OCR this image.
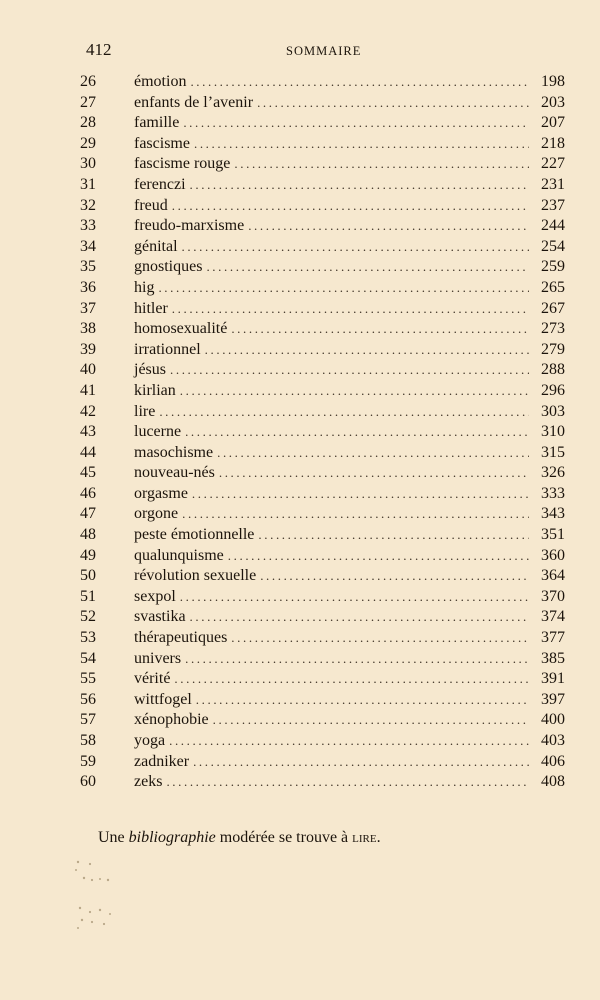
412	SOMMAIRE
26	émotion .....	198
27	enfants de l’avenir .....	203
28	famille .....	207
29	fascisme .....	218
30	fascisme rouge .....	227
31	ferenczi .....	231
32	freud .....	237
33	freudo-marxisme .....	244
34	génital .....	254
35	gnostiques .....	259
36	hig .....	265
37	hitler .....	267
38	homosexualité .....	273
39	irrationnel .....	279
40	jésus .....	288
41	kirlian .....	296
42	lire .....	303
43	lucerne .....	310
44	masochisme .....	315
45	nouveau-nés .....	326
46	orgasme .....	333
47	orgone .....	343
48	peste émotionnelle .....	351
49	qualunquisme .....	360
50	révolution sexuelle .....	364
51	sexpol .....	370
52	svastika .....	374
53	thérapeutiques .....	377
54	univers .....	385
55	vérité .....	391
56	wittfogel .....	397
57	xénophobie .....	400
58	yoga .....	403
59	zadniker .....	406
60	zeks .....	408

Une bibliographie modérée se trouve à lire.
